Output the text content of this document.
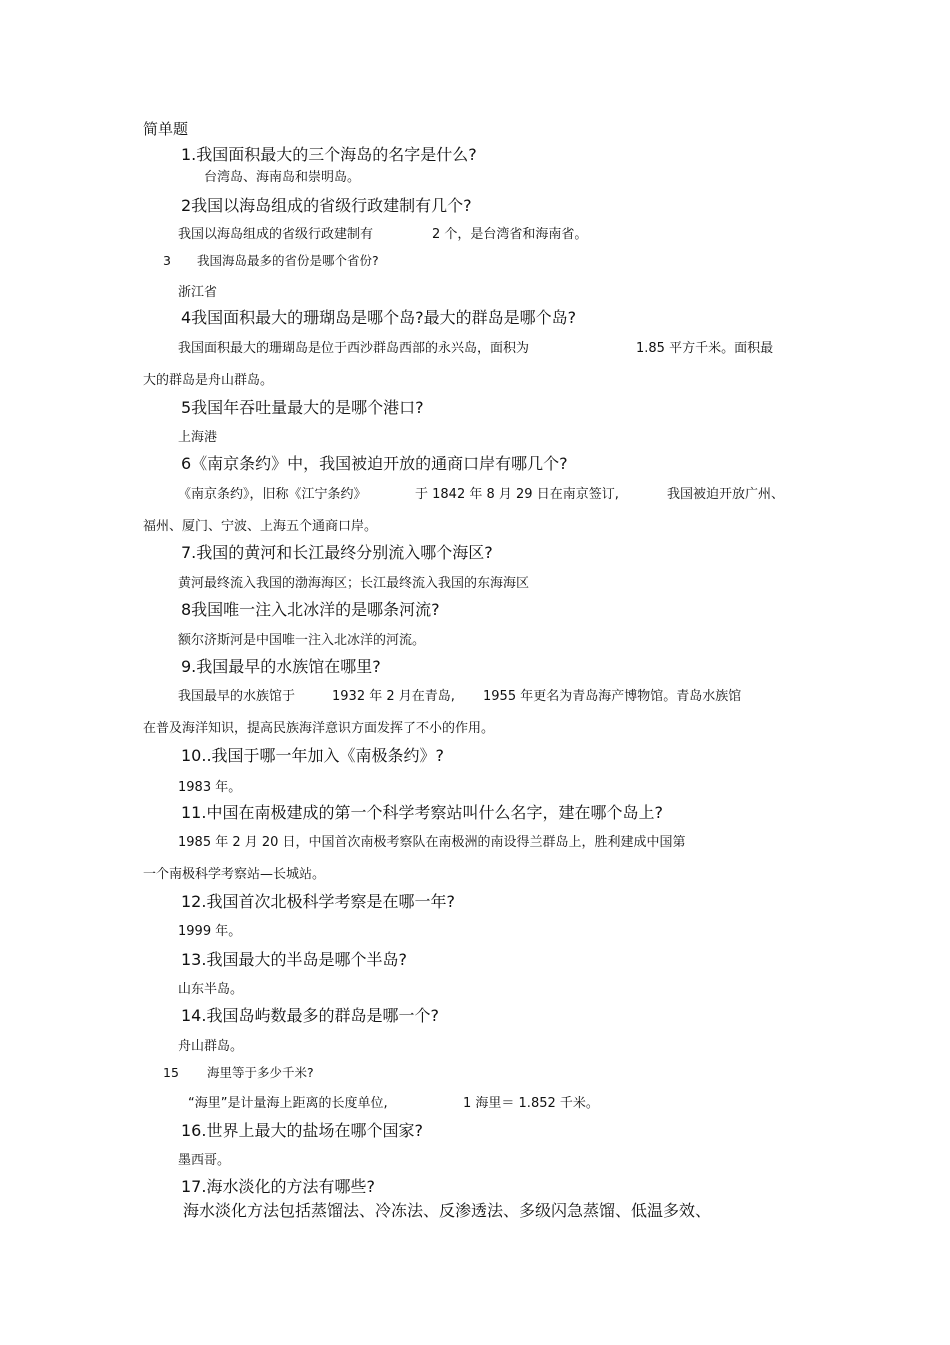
简单题
1.我国面积最大的三个海岛的名字是什么?
台湾岛、海南岛和崇明岛。
2我国以海岛组成的省级行政建制有几个?
我国以海岛组成的省级行政建制有	2 个，是台湾省和海南省。
3 我国海岛最多的省份是哪个省份?
浙江省
4我国面积最大的珊瑚岛是哪个岛?最大的群岛是哪个岛?
我国面积最大的珊瑚岛是位于西沙群岛西部的永兴岛，面积为	1.85 平方千米。面积最
大的群岛是舟山群岛。
5我国年吞吐量最大的是哪个港口?
上海港
6《南京条约》中，我国被迫开放的通商口岸有哪几个?
《南京条约》，旧称《江宁条约》	于 1842 年 8 月 29 日在南京签订,	我国被迫开放广州、
福州、厦门、宁波、上海五个通商口岸。
7.我国的黄河和长江最终分别流入哪个海区?
黄河最终流入我国的渤海海区；长江最终流入我国的东海海区
8我国唯一注入北冰洋的是哪条河流?
额尔济斯河是中国唯一注入北冰洋的河流。
9.我国最早的水族馆在哪里?
我国最早的水族馆于	1932 年 2 月在青岛, 1955 年更名为青岛海产博物馆。青岛水族馆
在普及海洋知识，提高民族海洋意识方面发挥了不小的作用。
10..我国于哪一年加入《南极条约》?
1983 年。
11.中国在南极建成的第一个科学考察站叫什么名字，建在哪个岛上?
1985 年 2 月 20 日，中国首次南极考察队在南极洲的南设得兰群岛上，胜利建成中国第
一个南极科学考察站—长城站。
12.我国首次北极科学考察是在哪一年?
1999 年。
13.我国最大的半岛是哪个半岛?
山东半岛。
14.我国岛屿数最多的群岛是哪一个?
舟山群岛。
15 海里等于多少千米?
“海里”是计量海上距离的长度单位,	1 海里＝ 1.852 千米。
16.世界上最大的盐场在哪个国家?
墨西哥。
17.海水淡化的方法有哪些?
海水淡化方法包括蒸馏法、冷冻法、反渗透法、多级闪急蒸馏、低温多效、
